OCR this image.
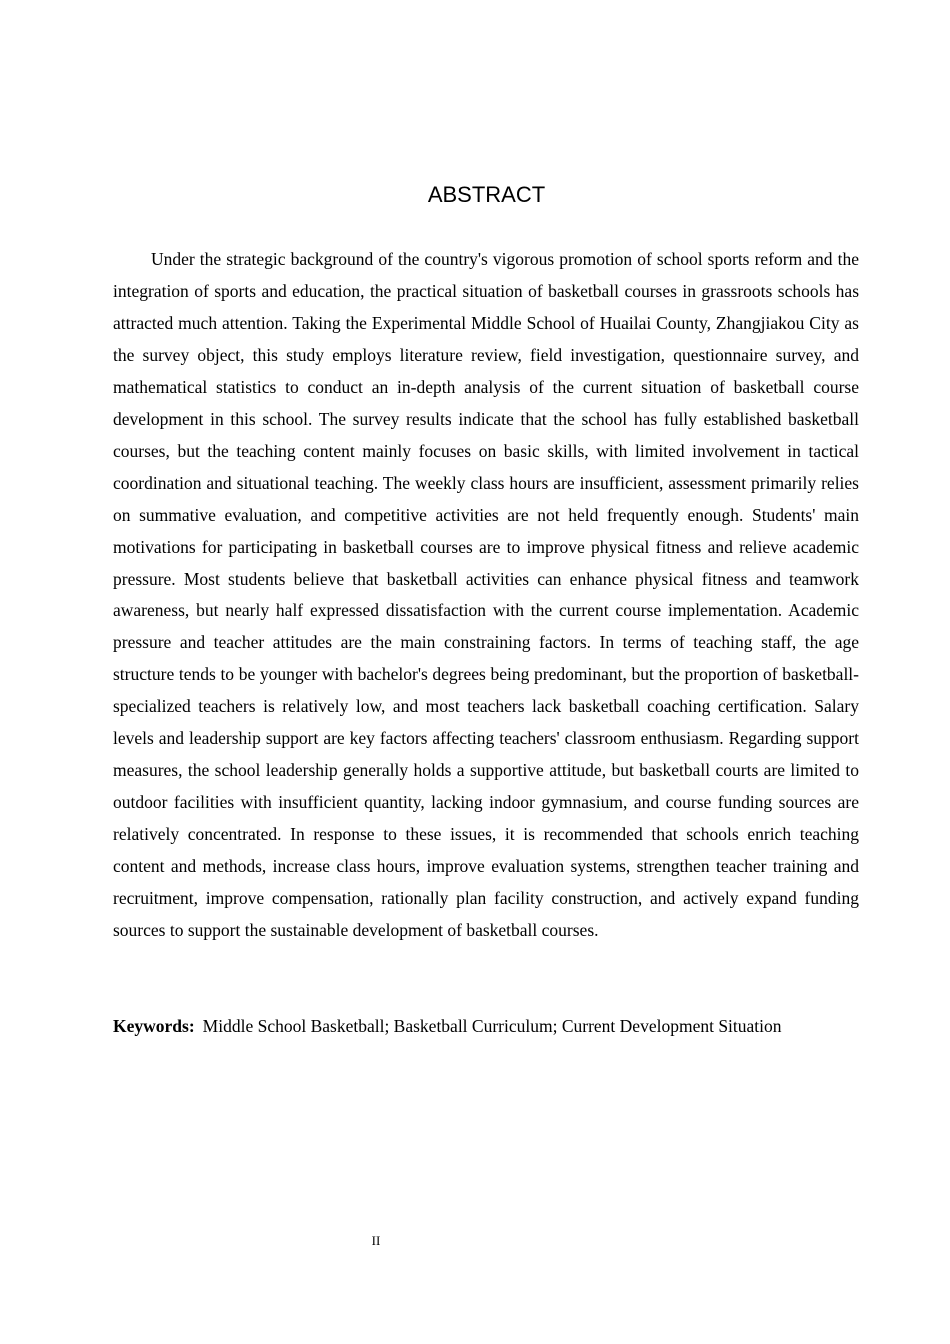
ABSTRACT

Under the strategic background of the country's vigorous promotion of school sports reform and the integration of sports and education, the practical situation of basketball courses in grassroots schools has attracted much attention. Taking the Experimental Middle School of Huailai County, Zhangjiakou City as the survey object, this study employs literature review, field investigation, questionnaire survey, and mathematical statistics to conduct an in-depth analysis of the current situation of basketball course development in this school. The survey results indicate that the school has fully established basketball courses, but the teaching content mainly focuses on basic skills, with limited involvement in tactical coordination and situational teaching. The weekly class hours are insufficient, assessment primarily relies on summative evaluation, and competitive activities are not held frequently enough. Students' main motivations for participating in basketball courses are to improve physical fitness and relieve academic pressure. Most students believe that basketball activities can enhance physical fitness and teamwork awareness, but nearly half expressed dissatisfaction with the current course implementation. Academic pressure and teacher attitudes are the main constraining factors. In terms of teaching staff, the age structure tends to be younger with bachelor's degrees being predominant, but the proportion of basketball-specialized teachers is relatively low, and most teachers lack basketball coaching certification. Salary levels and leadership support are key factors affecting teachers' classroom enthusiasm. Regarding support measures, the school leadership generally holds a supportive attitude, but basketball courts are limited to outdoor facilities with insufficient quantity, lacking indoor gymnasium, and course funding sources are relatively concentrated. In response to these issues, it is recommended that schools enrich teaching content and methods, increase class hours, improve evaluation systems, strengthen teacher training and recruitment, improve compensation, rationally plan facility construction, and actively expand funding sources to support the sustainable development of basketball courses.

Keywords: Middle School Basketball; Basketball Curriculum; Current Development Situation

II
